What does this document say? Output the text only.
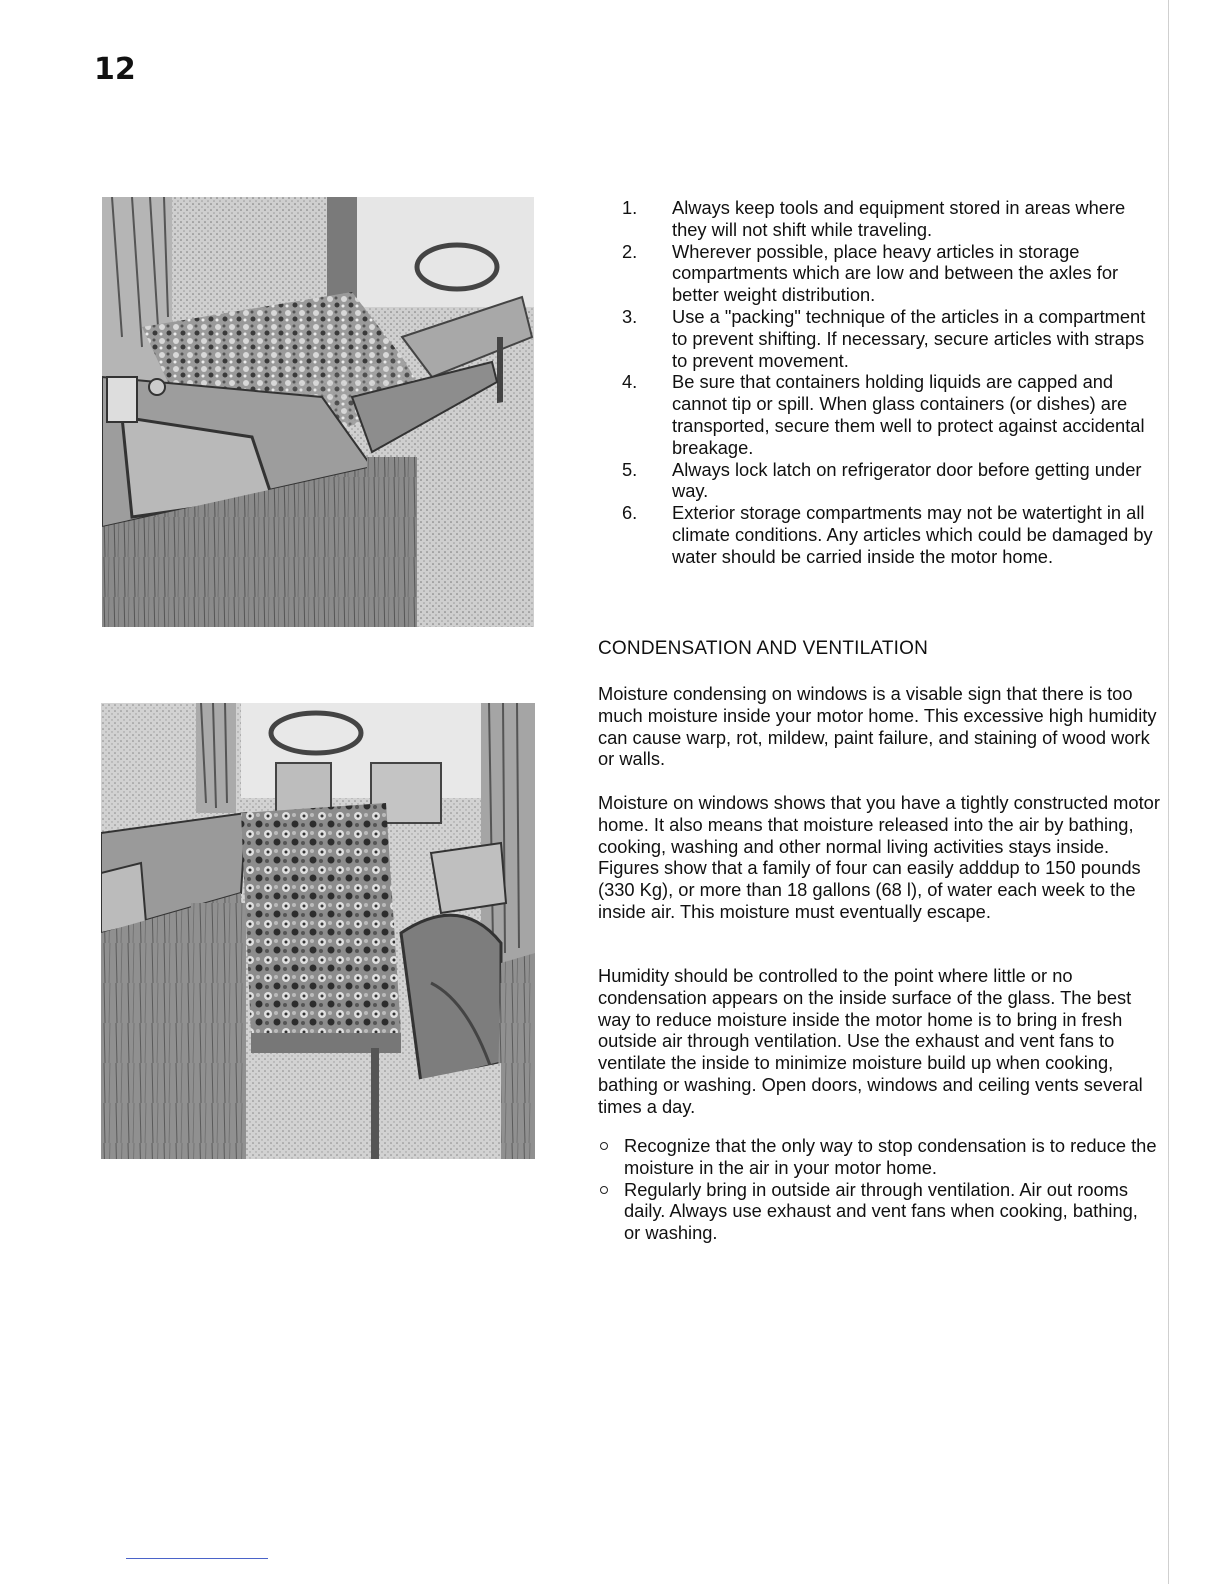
12
1. Always keep tools and equipment stored in areas where they will not shift while traveling.
2. Wherever possible, place heavy articles in storage compartments which are low and between the axles for better weight distribution.
3. Use a "packing" technique of the articles in a compartment to prevent shifting. If necessary, secure articles with straps to prevent movement.
4. Be sure that containers holding liquids are capped and cannot tip or spill. When glass containers (or dishes) are transported, secure them well to protect against accidental breakage.
5. Always lock latch on refrigerator door before getting under way.
6. Exterior storage compartments may not be watertight in all climate conditions. Any articles which could be damaged by water should be carried inside the motor home.
CONDENSATION AND VENTILATION

Moisture condensing on windows is a visable sign that there is too much moisture inside your motor home. This excessive high humidity can cause warp, rot, mildew, paint failure, and staining of wood work or walls.

Moisture on windows shows that you have a tightly constructed motor home. It also means that moisture released into the air by bathing, cooking, washing and other normal living activities stays inside. Figures show that a family of four can easily adddup to 150 pounds (330 Kg), or more than 18 gallons (68 l), of water each week to the inside air. This moisture must eventually escape.

Humidity should be controlled to the point where little or no condensation appears on the inside surface of the glass. The best way to reduce moisture inside the motor home is to bring in fresh outside air through ventilation. Use the exhaust and vent fans to ventilate the inside to minimize moisture build up when cooking, bathing or washing. Open doors, windows and ceiling vents several times a day.

Recognize that the only way to stop condensation is to reduce the moisture in the air in your motor home.
Regularly bring in outside air through ventilation. Air out rooms daily. Always use exhaust and vent fans when cooking, bathing, or washing.
